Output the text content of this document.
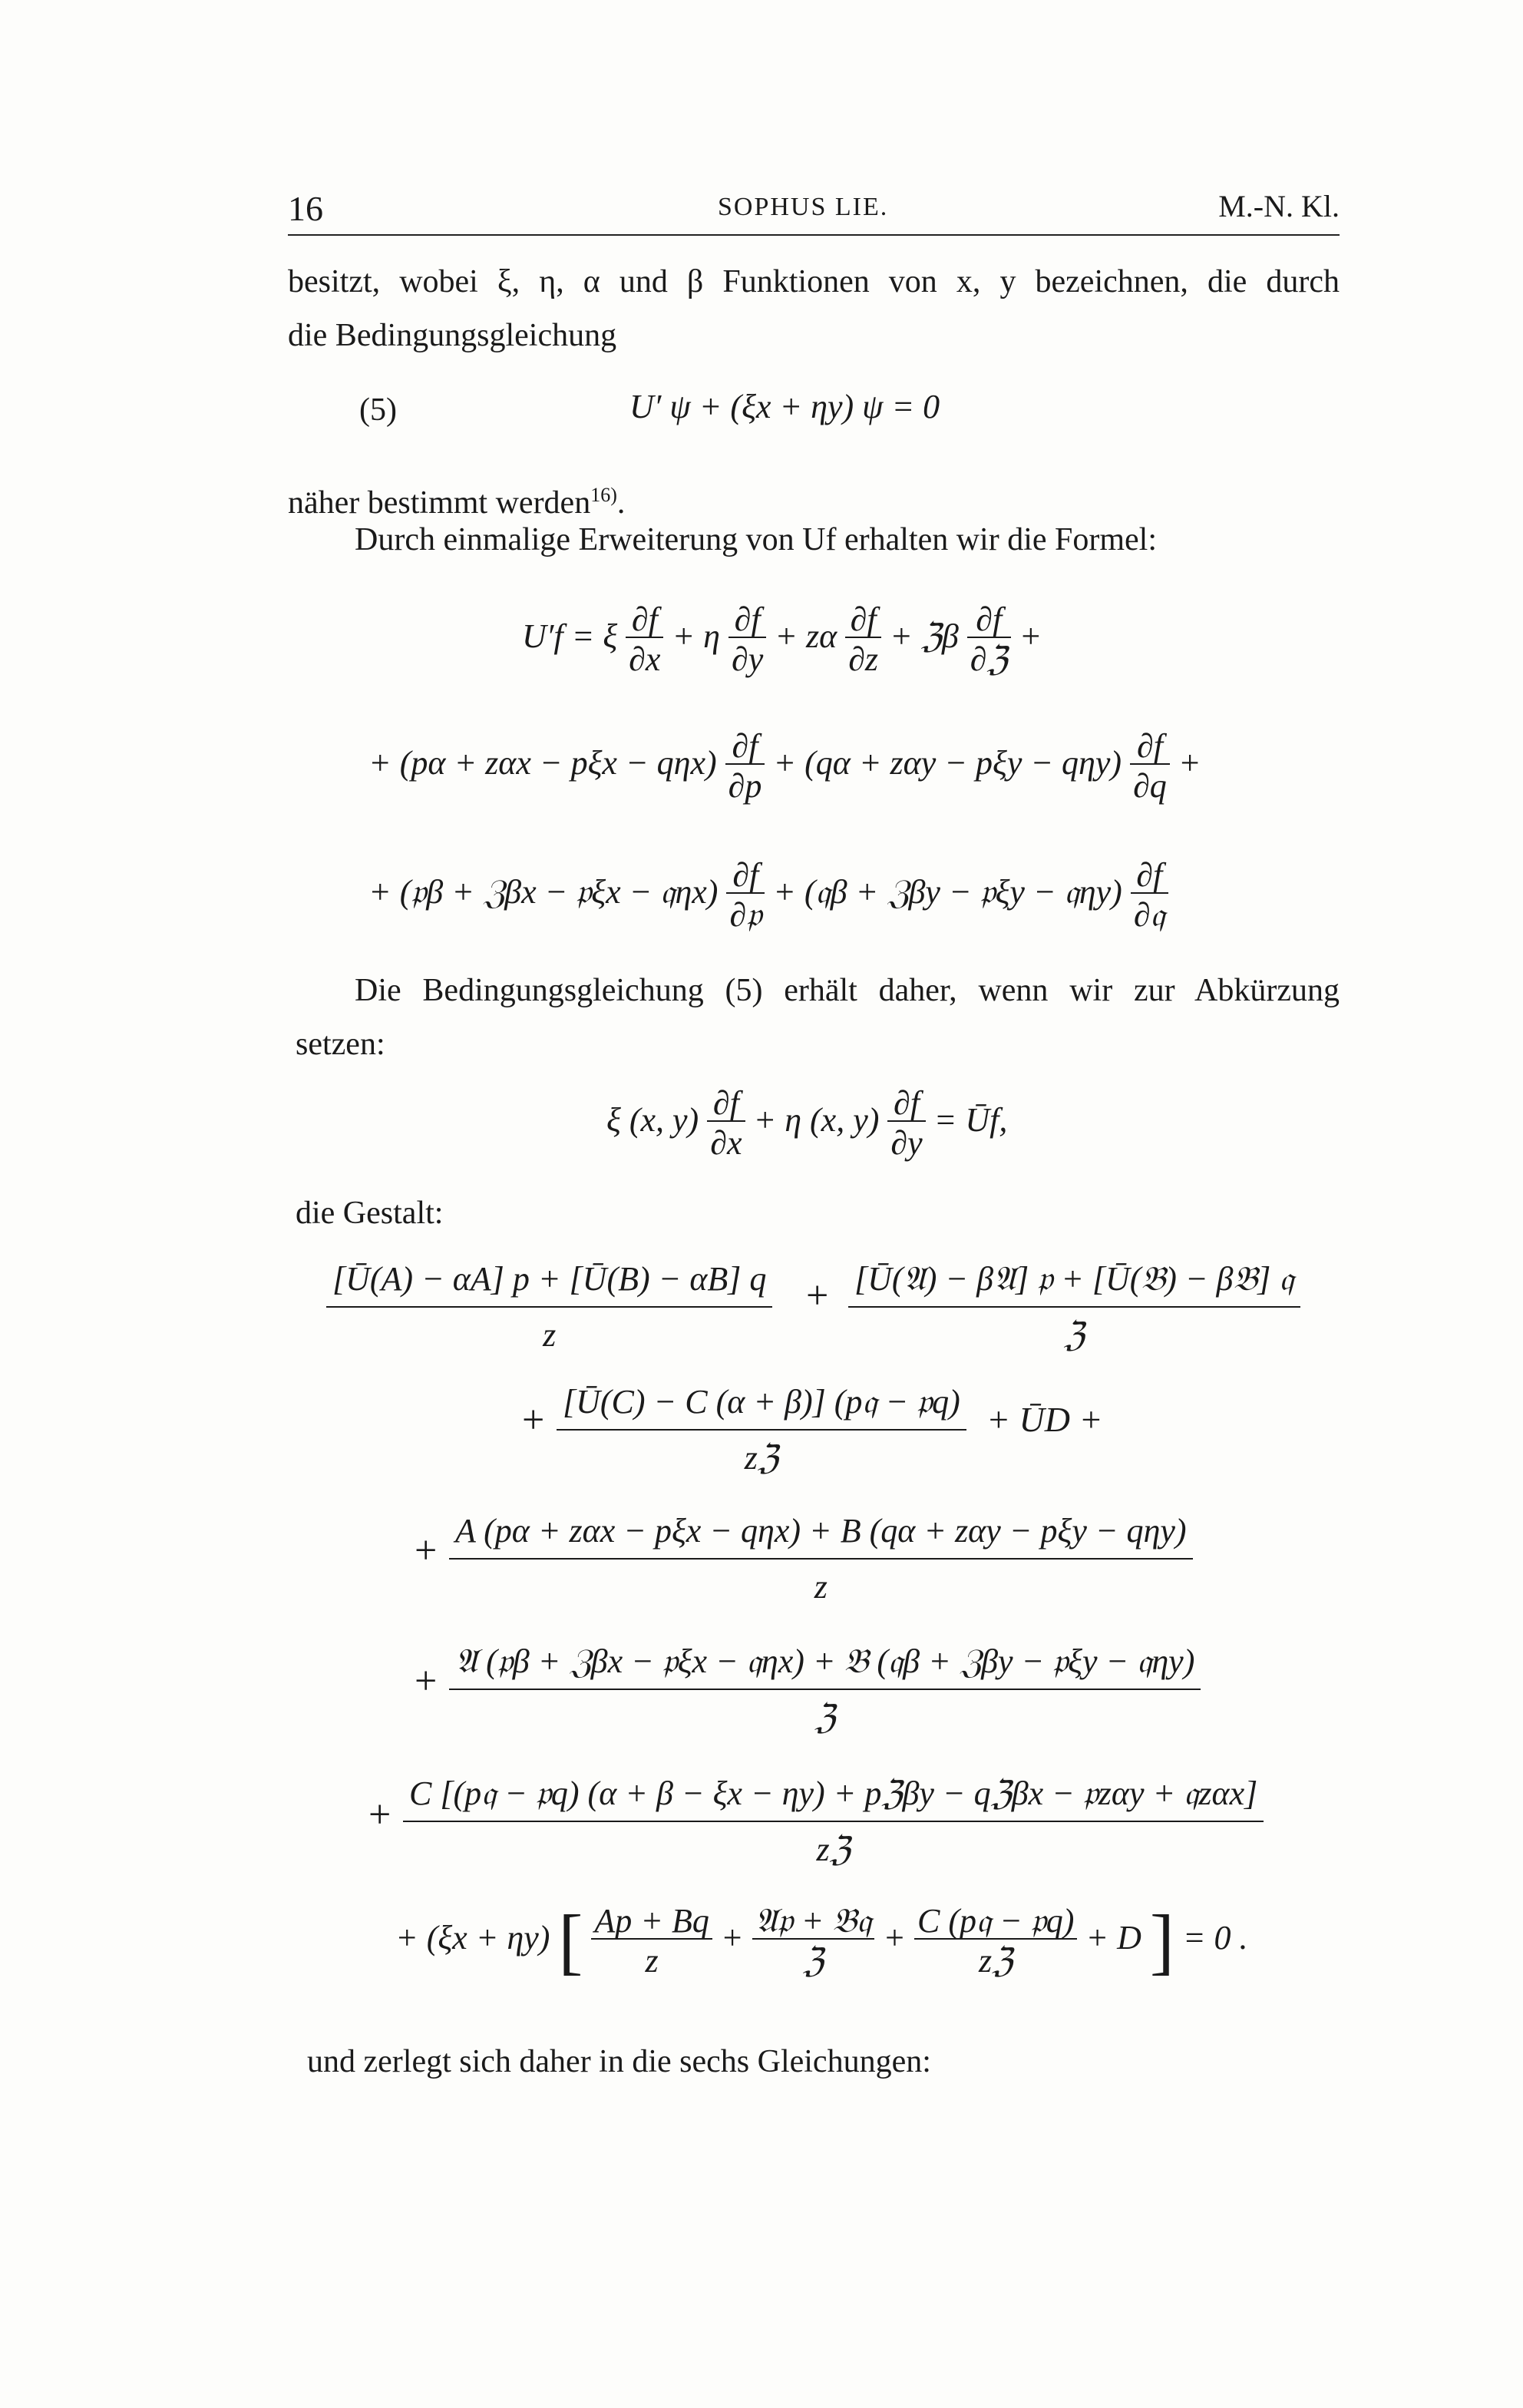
16	SOPHUS LIE.	M.-N. Kl.
besitzt, wobei ξ, η, α und β Funktionen von x, y bezeichnen, die durch
die Bedingungsgleichung
(5)	U′ ψ + (ξx + ηy) ψ = 0
näher bestimmt werden$^{16)}$.
Durch einmalige Erweiterung von Uf erhalten wir die Formel:
U′f = ξ $\frac{\partial f}{\partial x} + \eta \frac{\partial f}{\partial y} + z\alpha \frac{\partial f}{\partial z}$ + ℨβ $\frac{\partial f}{\text{∂ℨ}}$ +
+ $(p\alpha + z\alpha x - p\xi x - q\eta x) \frac{\partial f}{\partial p} + (q\alpha + z\alpha y - p\xi y - q\eta y) \frac{\partial f}{\partial q}$ +
+ (𝔭β + ℨβx − 𝔭ξx − 𝔮ηx) $\frac{\partial f}{\text{∂𝔭}}$ + (𝔮β + ℨβy − 𝔭ξy − 𝔮ηy) $\frac{\partial f}{\text{∂𝔮}}$
Die Bedingungsgleichung (5) erhält daher, wenn wir zur Abkürzung
setzen:
ξ (x, $y) \frac{\partial f}{\partial x} + \eta$ (x, $y) \frac{\partial f}{\partial y}$ = Ūf,
die Gestalt:
$\frac{[Ū(A) - \alpha A] p + [Ū(B) - \alpha B] q}{z}$ + [Ū(𝔄) − β𝔄] 𝔭 + [Ū(𝔅) − β𝔅] 𝔮
ℨ
+ [Ū(C) − C (α + β)] (p𝔮 − 𝔭q)
zℨ
+ ŪD +
+ A (pα + zαx − pξx − qηx) + B (qα + zαy − pξy − qηy)
z
+ 𝔄 (𝔭β + ℨβx − 𝔭ξx − 𝔮ηx) + 𝔅 (𝔮β + ℨβy − 𝔭ξy − 𝔮ηy)
ℨ
+ C [(p𝔮 − 𝔭q) (α + β − ξx − ηy) + pℨβy − qℨβx − 𝔭zαy + 𝔮zαx]
zℨ
+ (ξx + ηy) [ $\frac{Ap + Bq}{z} + \frac{\text{𝔄𝔭 + 𝔅𝔮}}{\text{ℨ}} + \frac{\text{C (p𝔮 − 𝔭q)}}{\text{zℨ}} + D$ ] = 0 .
und zerlegt sich daher in die sechs Gleichungen:
